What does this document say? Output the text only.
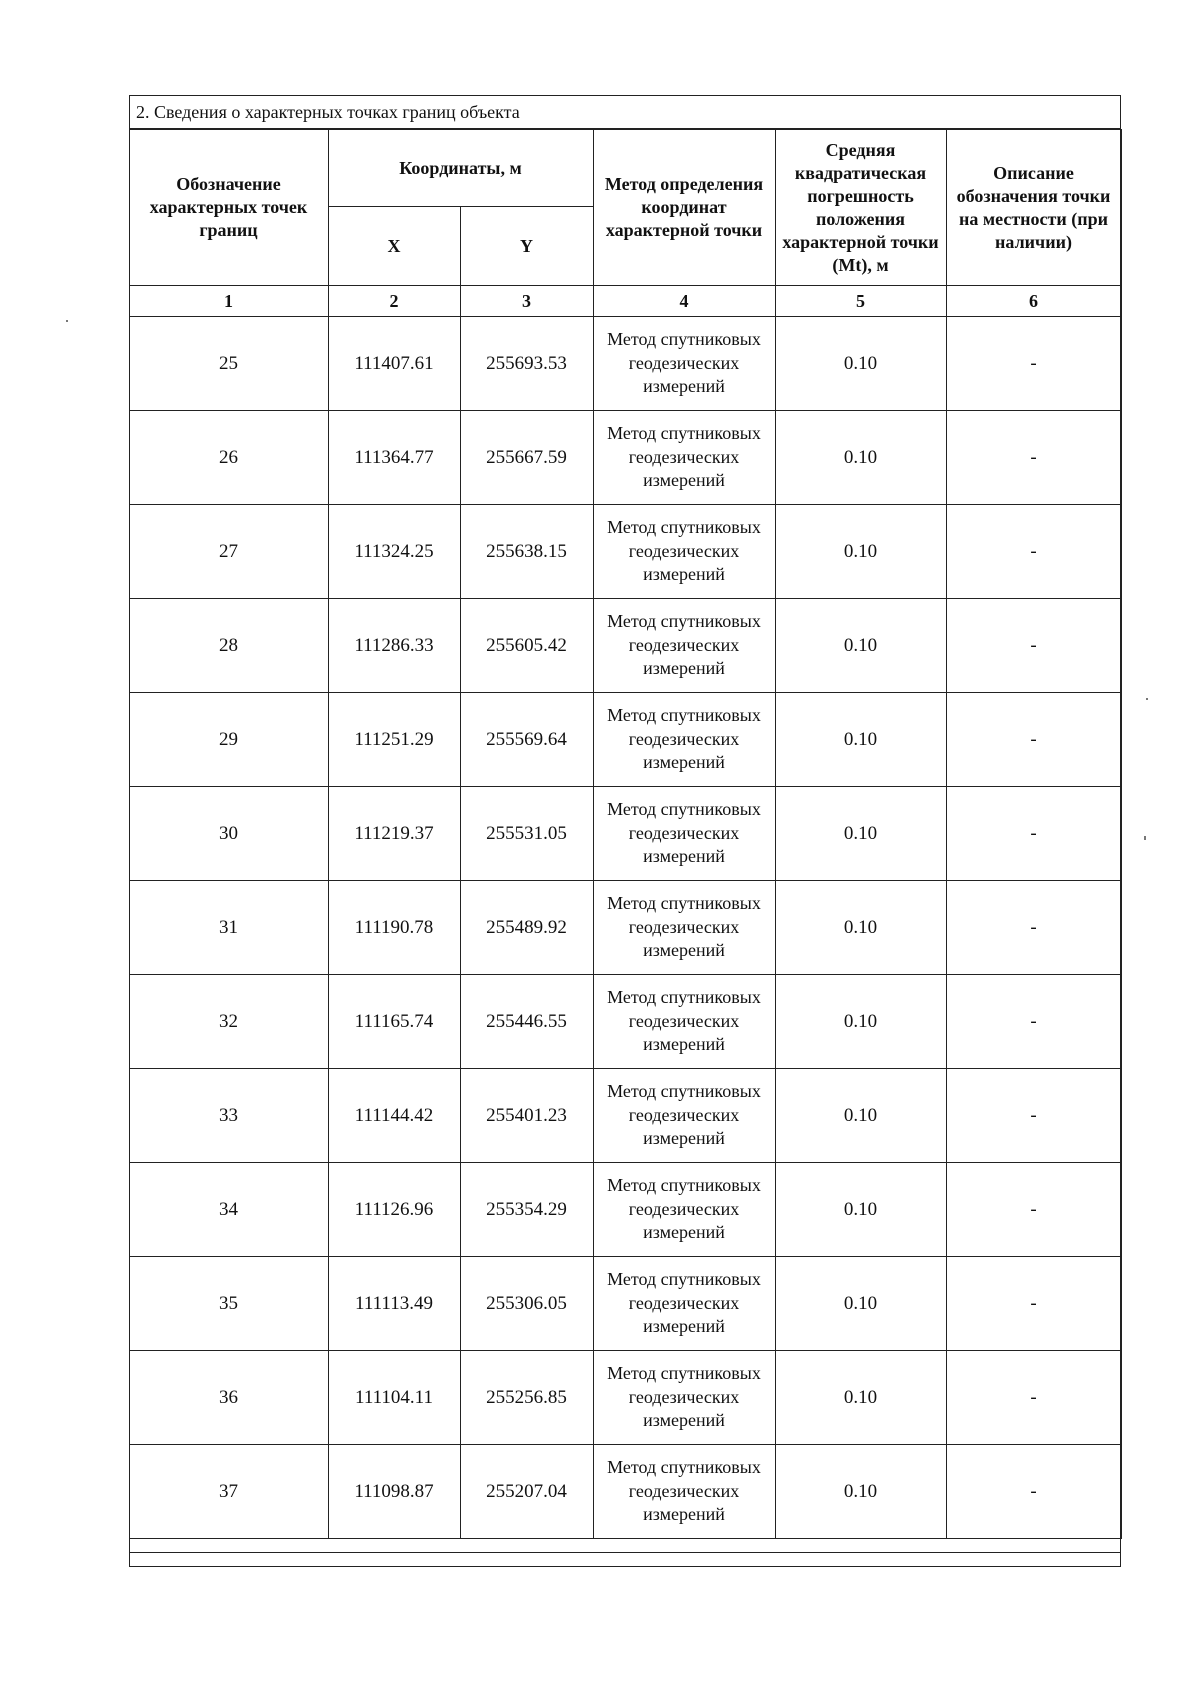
2. Сведения о характерных точках границ объекта
Обозначение характерных точек границ	Координаты, м		Метод определения координат характерной точки	Средняя квадратическая погрешность положения характерной точки (Mt), м	Описание обозначения точки на местности (при наличии)
	X	Y			
1	2	3	4	5	6
25	111407.61	255693.53	Метод спутниковых геодезических измерений	0.10	-
26	111364.77	255667.59	Метод спутниковых геодезических измерений	0.10	-
27	111324.25	255638.15	Метод спутниковых геодезических измерений	0.10	-
28	111286.33	255605.42	Метод спутниковых геодезических измерений	0.10	-
29	111251.29	255569.64	Метод спутниковых геодезических измерений	0.10	-
30	111219.37	255531.05	Метод спутниковых геодезических измерений	0.10	-
31	111190.78	255489.92	Метод спутниковых геодезических измерений	0.10	-
32	111165.74	255446.55	Метод спутниковых геодезических измерений	0.10	-
33	111144.42	255401.23	Метод спутниковых геодезических измерений	0.10	-
34	111126.96	255354.29	Метод спутниковых геодезических измерений	0.10	-
35	111113.49	255306.05	Метод спутниковых геодезических измерений	0.10	-
36	111104.11	255256.85	Метод спутниковых геодезических измерений	0.10	-
37	111098.87	255207.04	Метод спутниковых геодезических измерений	0.10	-
